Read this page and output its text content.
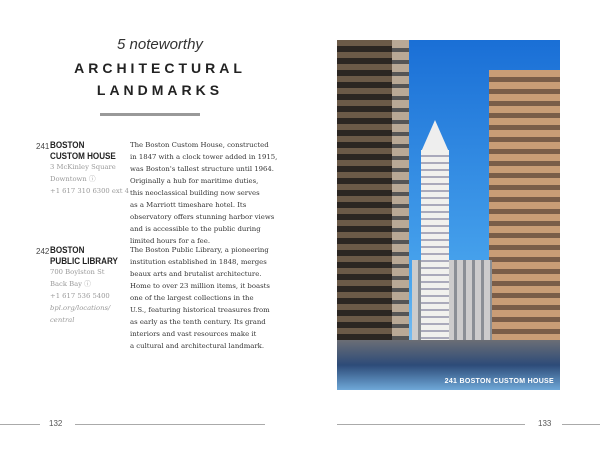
5 noteworthy
ARCHITECTURAL
LANDMARKS
241 BOSTON
CUSTOM HOUSE
3 McKinley Square
Downtown ⓘ
+1 617 310 6300 ext 4
The Boston Custom House, constructed
in 1847 with a clock tower added in 1915,
was Boston's tallest structure until 1964.
Originally a hub for maritime duties,
this neoclassical building now serves
as a Marriott timeshare hotel. Its
observatory offers stunning harbor views
and is accessible to the public during
limited hours for a fee.
242 BOSTON
PUBLIC LIBRARY
700 Boylston St
Back Bay ⓘ
+1 617 536 5400
bpl.org/locations/
central
The Boston Public Library, a pioneering
institution established in 1848, merges
beaux arts and brutalist architecture.
Home to over 23 million items, it boasts
one of the largest collections in the
U.S., featuring historical treasures from
as early as the tenth century. Its grand
interiors and vast resources make it
a cultural and architectural landmark.
241 BOSTON CUSTOM HOUSE
132	133
